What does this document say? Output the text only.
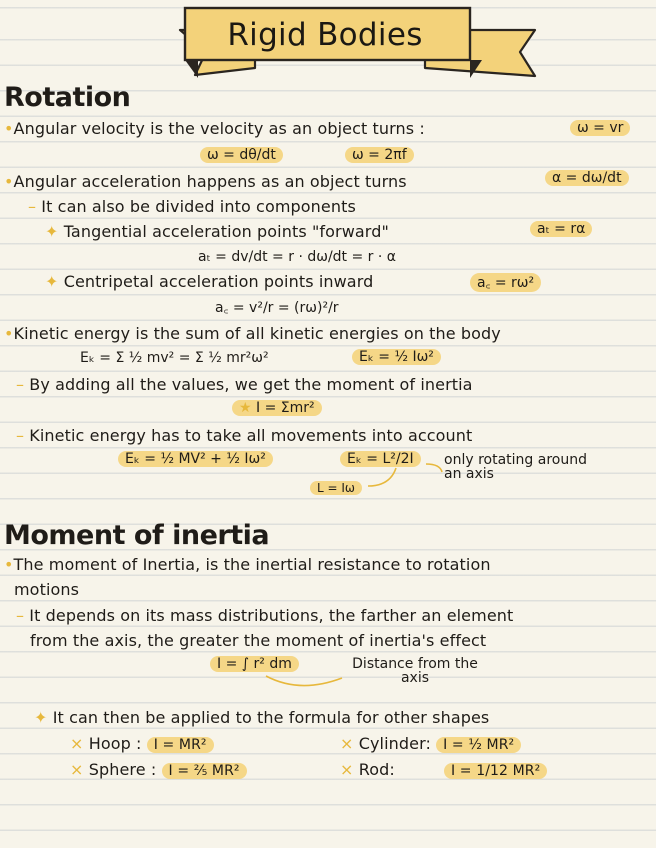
Rigid Bodies
Rotation
•Angular velocity is the velocity as an object turns :	ω = vr
ω = dθ/dt	ω = 2πf
•Angular acceleration happens as an object turns	α = dω/dt
– It can also be divided into components
✦ Tangential acceleration points "forward"	aₜ = rα
aₜ = dv/dt = r · dω/dt = r · α
✦ Centripetal acceleration points inward	a꜀ = rω²
a꜀ = v²/r = (rω)²/r
•Kinetic energy is the sum of all kinetic energies on the body
Eₖ = Σ ½ mv² = Σ ½ mr²ω²	Eₖ = ½ Iω²
– By adding all the values, we get the moment of inertia
★ I = Σmr²
– Kinetic energy has to take all movements into account
Eₖ = ½ MV² + ½ Iω²	Eₖ = L²/2I	only rotating around an axis
L = Iω
Moment of inertia
•The moment of Inertia, is the inertial resistance to rotation
motions
– It depends on its mass distributions, the farther an element
from the axis, the greater the moment of inertia's effect
I = ∫ r² dm	Distance from the axis
✦ It can then be applied to the formula for other shapes
× Hoop : I = MR²	× Cylinder: I = ½ MR²
× Sphere : I = ⅖ MR²	× Rod:	I = 1/12 MR²
